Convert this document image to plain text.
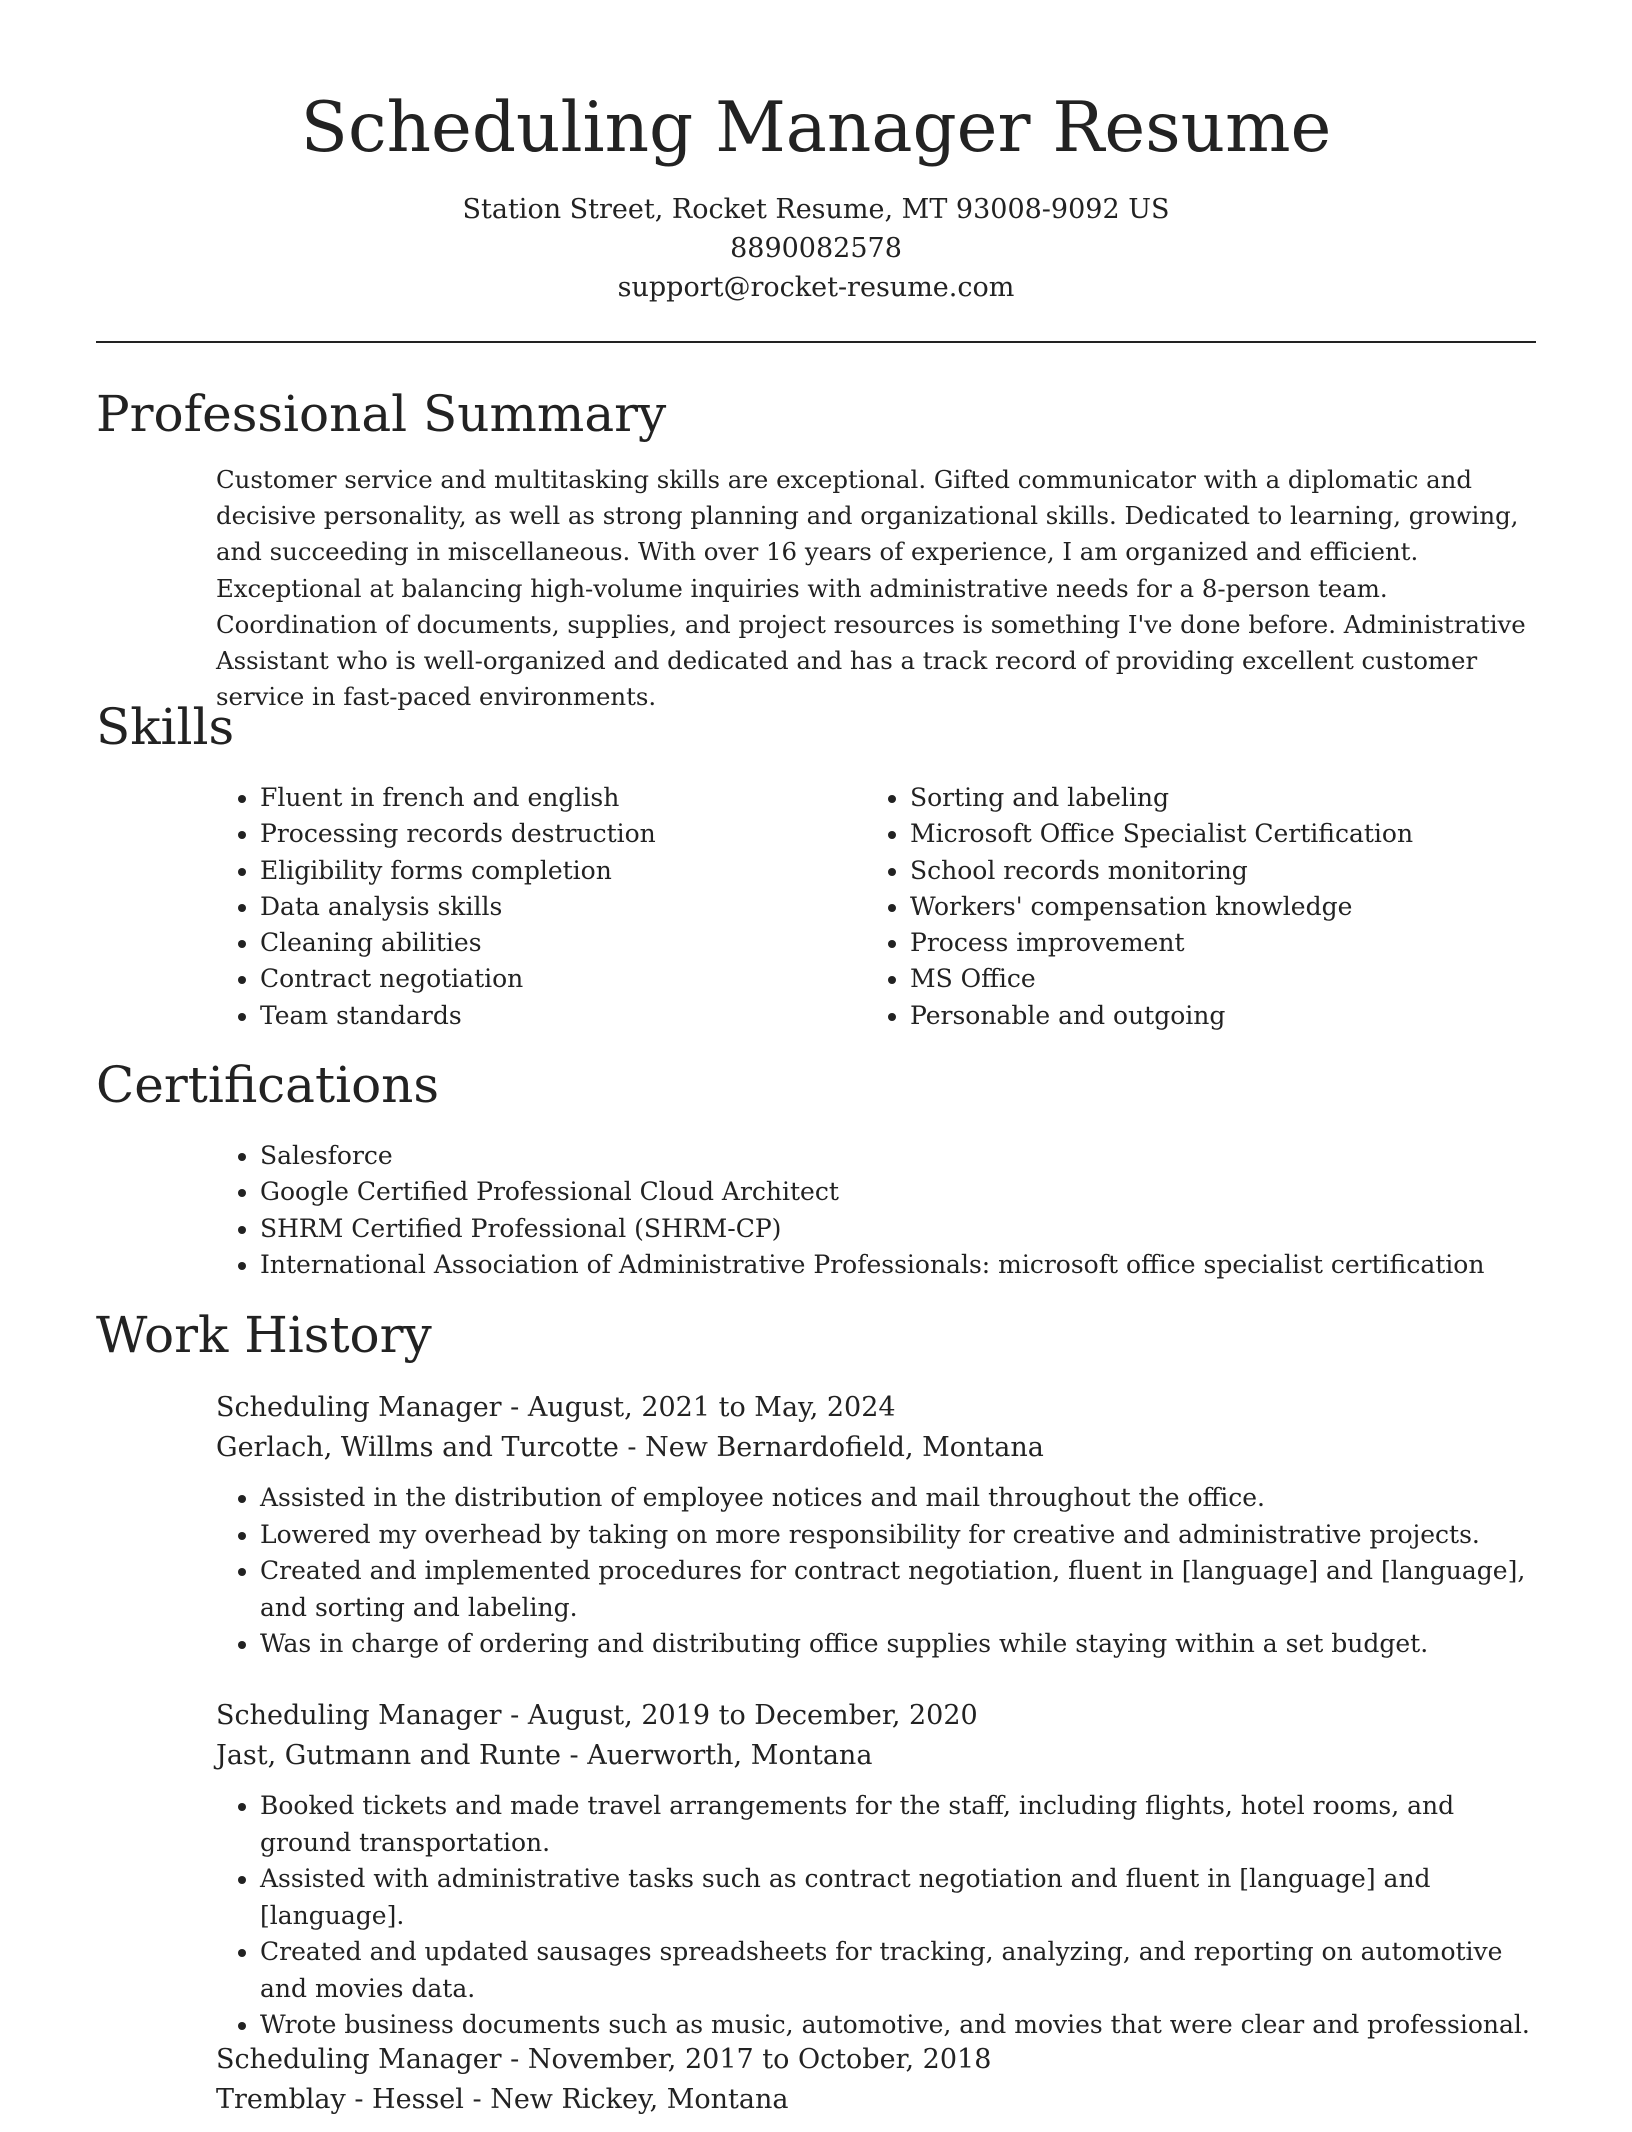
Scheduling Manager Resume
Station Street, Rocket Resume, MT 93008-9092 US
8890082578
support@rocket-resume.com
Professional Summary
Customer service and multitasking skills are exceptional. Gifted communicator with a diplomatic and decisive personality, as well as strong planning and organizational skills. Dedicated to learning, growing, and succeeding in miscellaneous. With over 16 years of experience, I am organized and efficient. Exceptional at balancing high-volume inquiries with administrative needs for a 8-person team. Coordination of documents, supplies, and project resources is something I've done before. Administrative Assistant who is well-organized and dedicated and has a track record of providing excellent customer service in fast-paced environments.
Skills
• Fluent in french and english
• Processing records destruction
• Eligibility forms completion
• Data analysis skills
• Cleaning abilities
• Contract negotiation
• Team standards
• Sorting and labeling
• Microsoft Office Specialist Certification
• School records monitoring
• Workers' compensation knowledge
• Process improvement
• MS Office
• Personable and outgoing
Certifications
• Salesforce
• Google Certified Professional Cloud Architect
• SHRM Certified Professional (SHRM-CP)
• International Association of Administrative Professionals: microsoft office specialist certification
Work History
Scheduling Manager - August, 2021 to May, 2024
Gerlach, Willms and Turcotte - New Bernardofield, Montana
• Assisted in the distribution of employee notices and mail throughout the office.
• Lowered my overhead by taking on more responsibility for creative and administrative projects.
• Created and implemented procedures for contract negotiation, fluent in [language] and [language], and sorting and labeling.
• Was in charge of ordering and distributing office supplies while staying within a set budget.
Scheduling Manager - August, 2019 to December, 2020
Jast, Gutmann and Runte - Auerworth, Montana
• Booked tickets and made travel arrangements for the staff, including flights, hotel rooms, and ground transportation.
• Assisted with administrative tasks such as contract negotiation and fluent in [language] and [language].
• Created and updated sausages spreadsheets for tracking, analyzing, and reporting on automotive and movies data.
• Wrote business documents such as music, automotive, and movies that were clear and professional.
Scheduling Manager - November, 2017 to October, 2018
Tremblay - Hessel - New Rickey, Montana
